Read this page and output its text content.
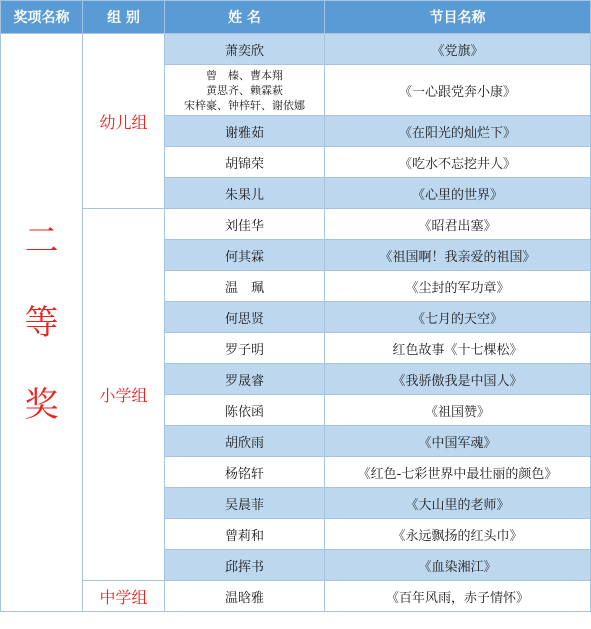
奖项名称	组 别	姓 名	节目名称

二
等
奖	幼儿组	萧奕欣	《党旗》

		曾　榛、曹本翔
黄思齐、赖霖萩
宋梓豪、钟梓轩、谢依娜	《一心跟党奔小康》
		谢雅茹	《在阳光的灿烂下》
		胡锦荣	《吃水不忘挖井人》
		朱果儿	《心里的世界》
	小学组	刘佳华	《昭君出塞》
		何其霖	《祖国啊！我亲爱的祖国》
		温　珮	《尘封的军功章》
		何思贤	《七月的天空》
		罗子明	红色故事《十七棵松》
		罗晟睿	《我骄傲我是中国人》
		陈依函	《祖国赞》
		胡欣雨	《中国军魂》
		杨铭轩	《红色-七彩世界中最壮丽的颜色》
		吴晨菲	《大山里的老师》
		曾莉和	《永远飘扬的红头巾》
		邱挥书	《血染湘江》
	中学组	温晗雅	《百年风雨，赤子情怀》
